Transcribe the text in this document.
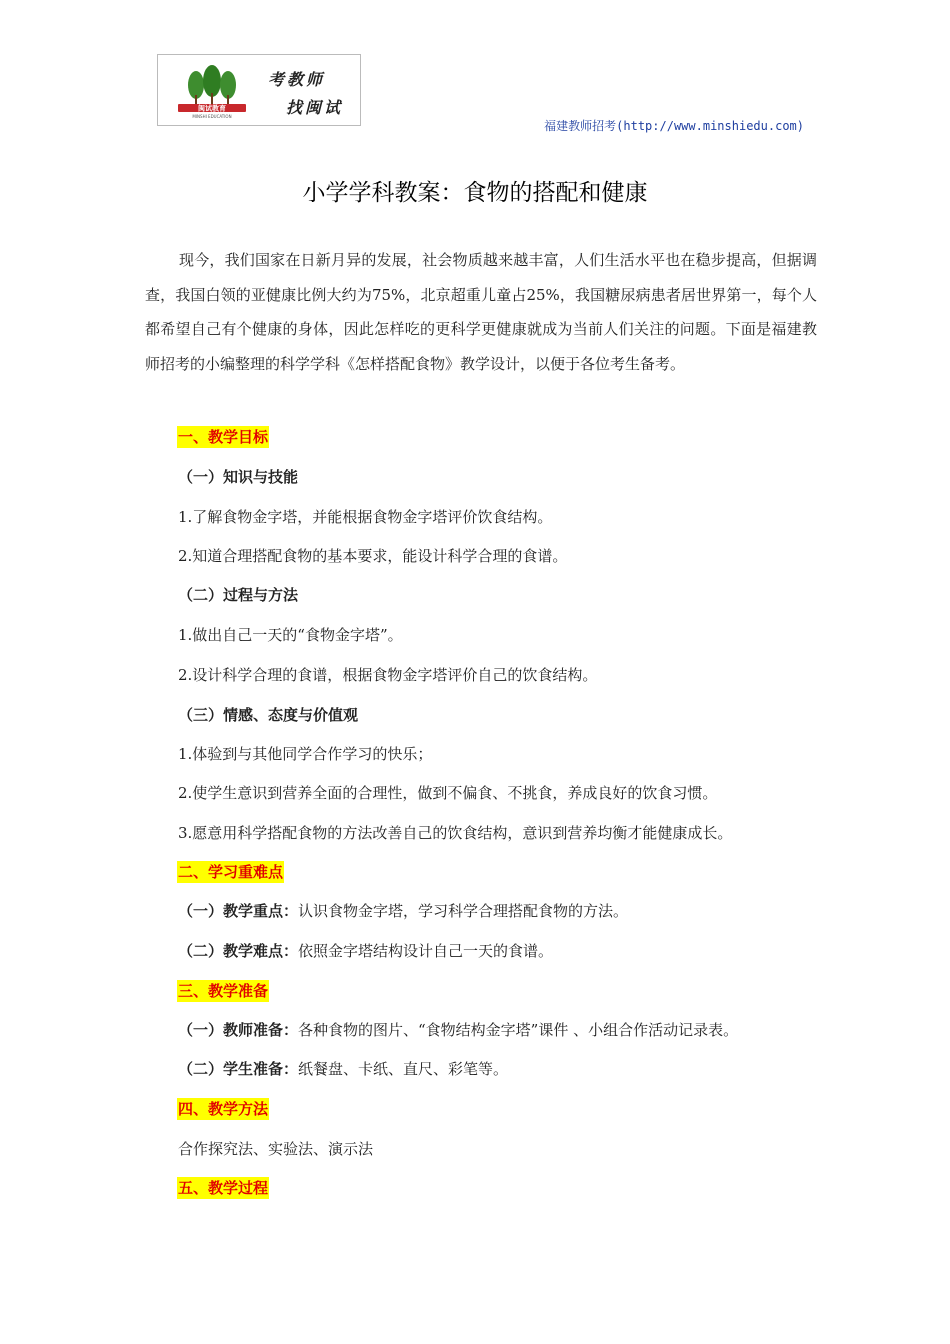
闽试教育
MINSHI EDUCATION
考教师
找闽试
福建教师招考(http://www.minshiedu.com)
小学学科教案：食物的搭配和健康

现今，我们国家在日新月异的发展，社会物质越来越丰富，人们生活水平也在稳步提高，但据调查，我国白领的亚健康比例大约为75%，北京超重儿童占25%，我国糖尿病患者居世界第一，每个人都希望自己有个健康的身体，因此怎样吃的更科学更健康就成为当前人们关注的问题。下面是福建教师招考的小编整理的科学学科《怎样搭配食物》教学设计，以便于各位考生备考。

一、教学目标
（一）知识与技能
1.了解食物金字塔，并能根据食物金字塔评价饮食结构。
2.知道合理搭配食物的基本要求，能设计科学合理的食谱。
（二）过程与方法
1.做出自己一天的“食物金字塔”。
2.设计科学合理的食谱，根据食物金字塔评价自己的饮食结构。
（三）情感、态度与价值观
1.体验到与其他同学合作学习的快乐；
2.使学生意识到营养全面的合理性，做到不偏食、不挑食，养成良好的饮食习惯。
3.愿意用科学搭配食物的方法改善自己的饮食结构，意识到营养均衡才能健康成长。
二、学习重难点
（一）教学重点：认识食物金字塔，学习科学合理搭配食物的方法。
（二）教学难点：依照金字塔结构设计自己一天的食谱。
三、教学准备
（一）教师准备：各种食物的图片、“食物结构金字塔”课件 、小组合作活动记录表。
（二）学生准备：纸餐盘、卡纸、直尺、彩笔等。
四、教学方法
合作探究法、实验法、演示法
五、教学过程
